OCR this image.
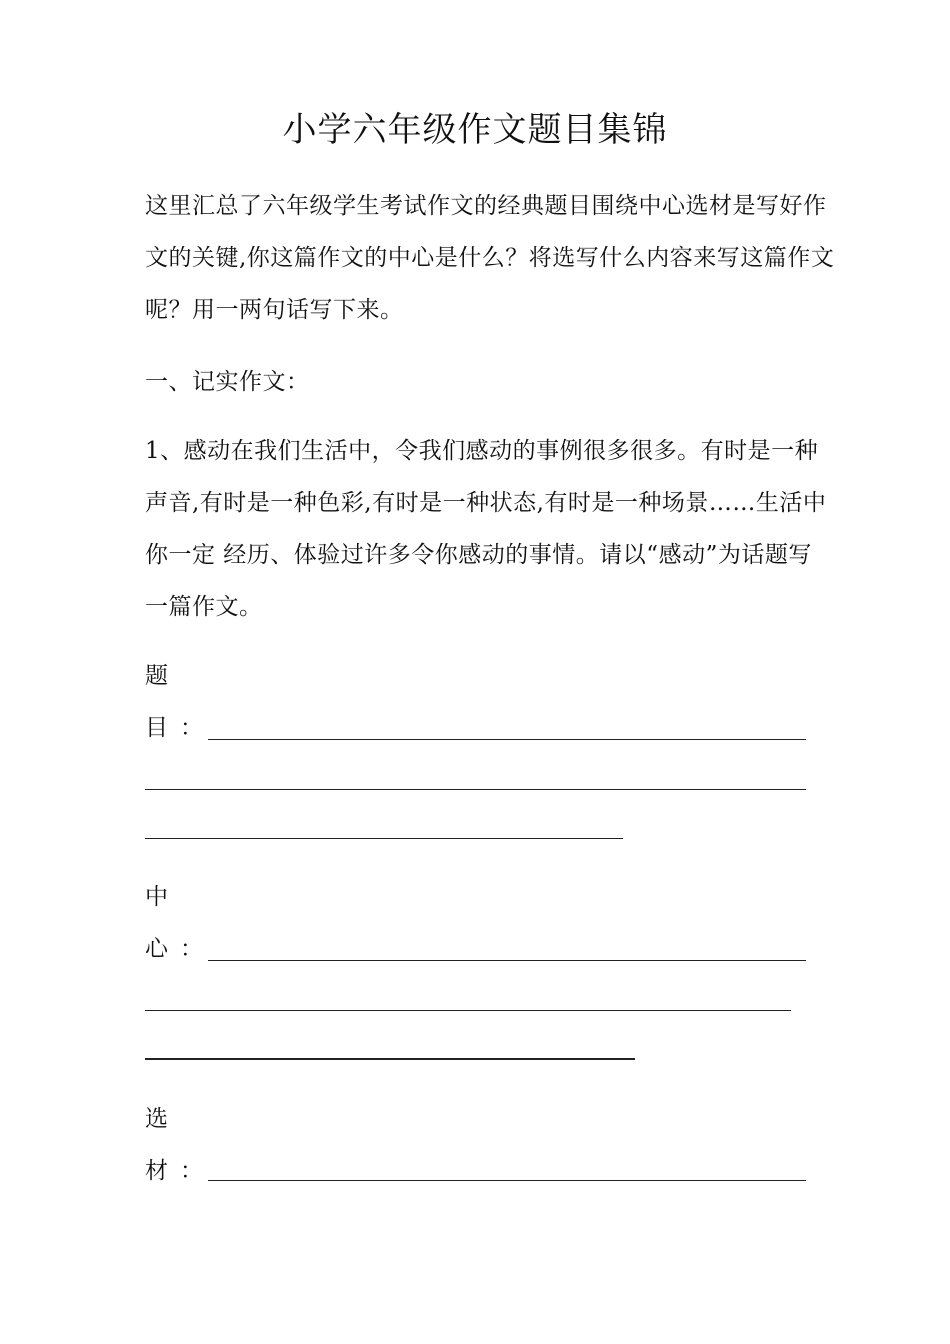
小学六年级作文题目集锦
这里汇总了六年级学生考试作文的经典题目围绕中心选材是写好作文的关键,你这篇作文的中心是什么？将选写什么内容来写这篇作文呢？用一两句话写下来。
一、记实作文：
1、感动在我们生活中，令我们感动的事例很多很多。有时是一种声音,有时是一种色彩,有时是一种状态,有时是一种场景……生活中你一定 经历、体验过许多令你感动的事情。请以“感动”为话题写一篇作文。
题
目：
中
心：
选
材：
